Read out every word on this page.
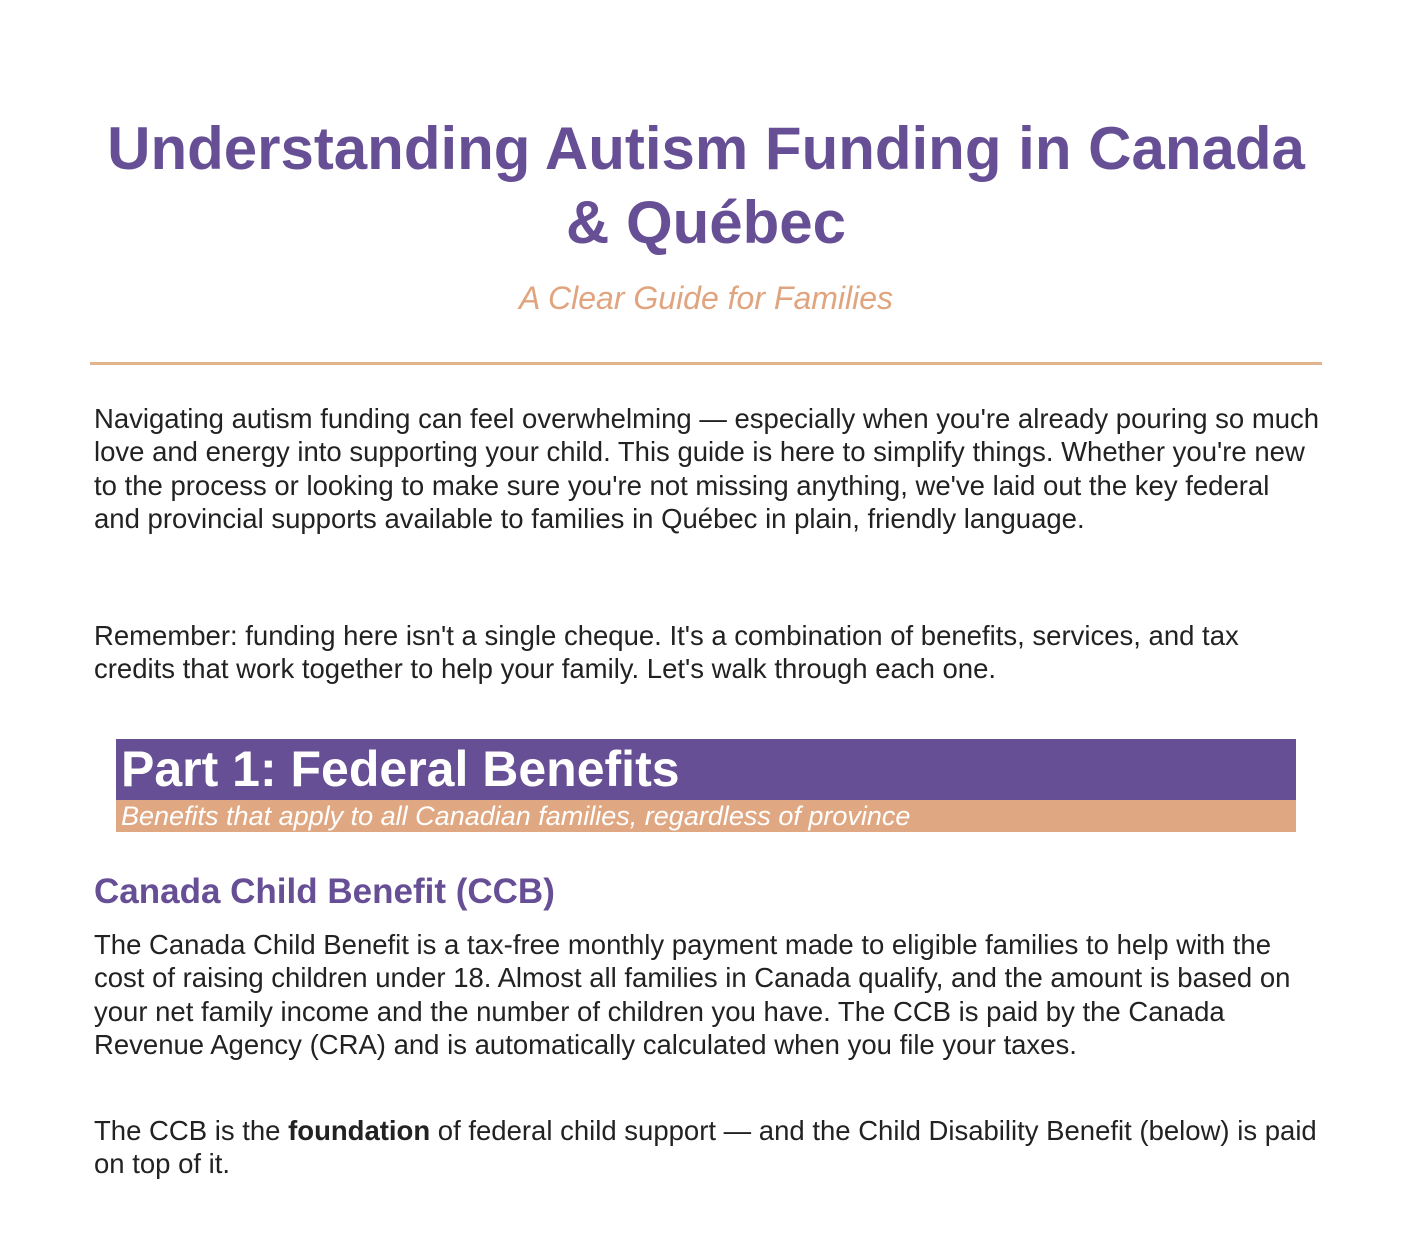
Understanding Autism Funding in Canada & Québec

A Clear Guide for Families

Navigating autism funding can feel overwhelming — especially when you're already pouring so much love and energy into supporting your child. This guide is here to simplify things. Whether you're new to the process or looking to make sure you're not missing anything, we've laid out the key federal and provincial supports available to families in Québec in plain, friendly language.

Remember: funding here isn't a single cheque. It's a combination of benefits, services, and tax credits that work together to help your family. Let's walk through each one.

Part 1: Federal Benefits
Benefits that apply to all Canadian families, regardless of province
Canada Child Benefit (CCB)

The Canada Child Benefit is a tax-free monthly payment made to eligible families to help with the cost of raising children under 18. Almost all families in Canada qualify, and the amount is based on your net family income and the number of children you have. The CCB is paid by the Canada Revenue Agency (CRA) and is automatically calculated when you file your taxes.

The CCB is the foundation of federal child support — and the Child Disability Benefit (below) is paid on top of it.
